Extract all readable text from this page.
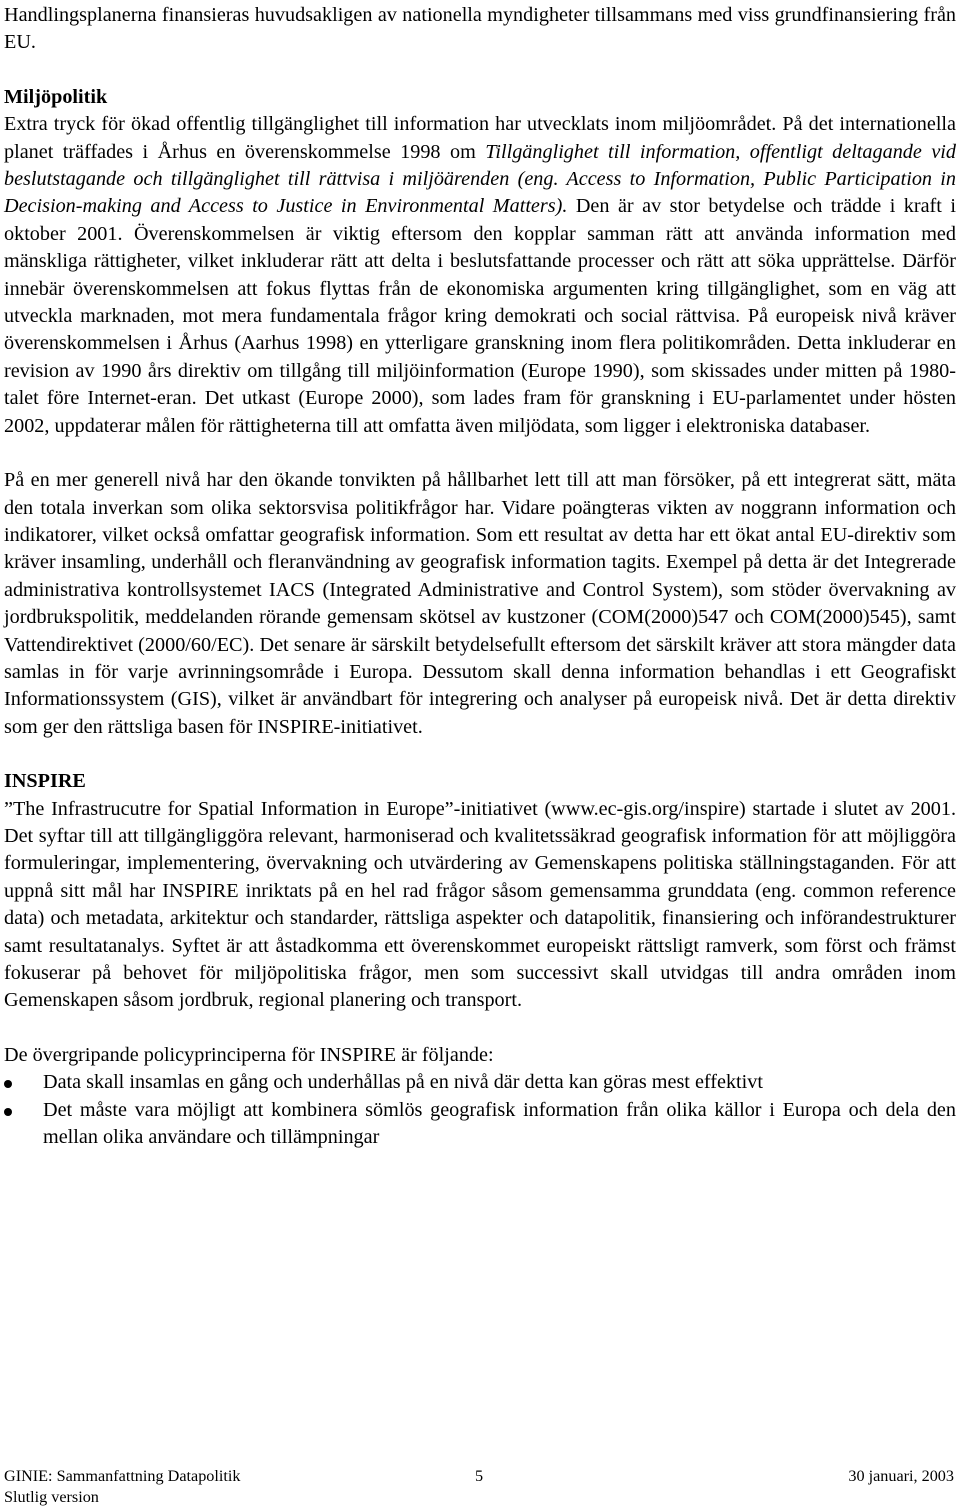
Handlingsplanerna finansieras huvudsakligen av nationella myndigheter tillsammans med viss grundfinansiering från EU.

Miljöpolitik

Extra tryck för ökad offentlig tillgänglighet till information har utvecklats inom miljöområdet. På det internationella planet träffades i Århus en överenskommelse 1998 om Tillgänglighet till information, offentligt deltagande vid beslutstagande och tillgänglighet till rättvisa i miljöärenden (eng. Access to Information, Public Participation in Decision-making and Access to Justice in Environmental Matters). Den är av stor betydelse och trädde i kraft i oktober 2001. Överenskommelsen är viktig eftersom den kopplar samman rätt att använda information med mänskliga rättigheter, vilket inkluderar rätt att delta i beslutsfattande processer och rätt att söka upprättelse. Därför innebär överenskommelsen att fokus flyttas från de ekonomiska argumenten kring tillgänglighet, som en väg att utveckla marknaden, mot mera fundamentala frågor kring demokrati och social rättvisa. På europeisk nivå kräver överenskommelsen i Århus (Aarhus 1998) en ytterligare granskning inom flera politikområden. Detta inkluderar en revision av 1990 års direktiv om tillgång till miljöinformation (Europe 1990), som skissades under mitten på 1980-talet före Internet-eran. Det utkast (Europe 2000), som lades fram för granskning i EU-parlamentet under hösten 2002, uppdaterar målen för rättigheterna till att omfatta även miljödata, som ligger i elektroniska databaser.

På en mer generell nivå har den ökande tonvikten på hållbarhet lett till att man försöker, på ett integrerat sätt, mäta den totala inverkan som olika sektorsvisa politikfrågor har. Vidare poängteras vikten av noggrann information och indikatorer, vilket också omfattar geografisk information. Som ett resultat av detta har ett ökat antal EU-direktiv som kräver insamling, underhåll och fleranvändning av geografisk information tagits. Exempel på detta är det Integrerade administrativa kontrollsystemet IACS (Integrated Administrative and Control System), som stöder övervakning av jordbrukspolitik, meddelanden rörande gemensam skötsel av kustzoner (COM(2000)547 och COM(2000)545), samt Vattendirektivet (2000/60/EC). Det senare är särskilt betydelsefullt eftersom det särskilt kräver att stora mängder data samlas in för varje avrinningsområde i Europa. Dessutom skall denna information behandlas i ett Geografiskt Informationssystem (GIS), vilket är användbart för integrering och analyser på europeisk nivå. Det är detta direktiv som ger den rättsliga basen för INSPIRE-initiativet.

INSPIRE

”The Infrastrucutre for Spatial Information in Europe”-initiativet (www.ec-gis.org/inspire) startade i slutet av 2001. Det syftar till att tillgängliggöra relevant, harmoniserad och kvalitetssäkrad geografisk information för att möjliggöra formuleringar, implementering, övervakning och utvärdering av Gemenskapens politiska ställningstaganden. För att uppnå sitt mål har INSPIRE inriktats på en hel rad frågor såsom gemensamma grunddata (eng. common reference data) och metadata, arkitektur och standarder, rättsliga aspekter och datapolitik, finansiering och införandestrukturer samt resultatanalys. Syftet är att åstadkomma ett överenskommet europeiskt rättsligt ramverk, som först och främst fokuserar på behovet för miljöpolitiska frågor, men som successivt skall utvidgas till andra områden inom Gemenskapen såsom jordbruk, regional planering och transport.

De övergripande policyprinciperna för INSPIRE är följande:

Data skall insamlas en gång och underhållas på en nivå där detta kan göras mest effektivt
Det måste vara möjligt att kombinera sömlös geografisk information från olika källor i Europa och dela den mellan olika användare och tillämpningar
GINIE: Sammanfattning Datapolitik	5	30 januari, 2003
Slutlig version
